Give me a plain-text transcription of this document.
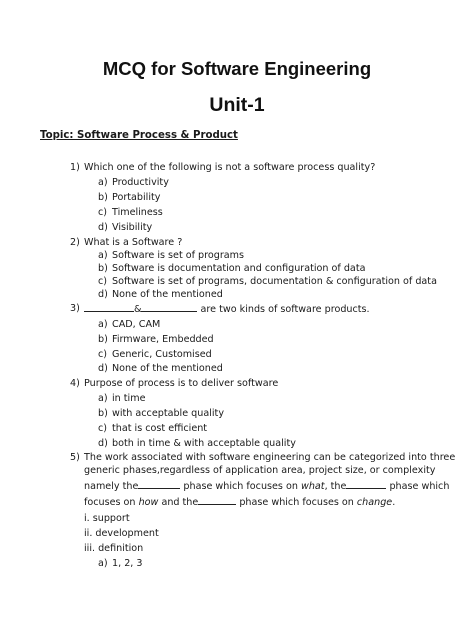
MCQ for Software Engineering
Unit-1
Topic: Software Process & Product
1) Which one of the following is not a software process quality?
a) Productivity
b) Portability
c) Timeliness
d) Visibility
2) What is a Software ?
a) Software is set of programs
b) Software is documentation and configuration of data
c) Software is set of programs, documentation & configuration of data
d) None of the mentioned
3)	&	are two kinds of software products.
a) CAD, CAM
b) Firmware, Embedded
c) Generic, Customised
d) None of the mentioned
4) Purpose of process is to deliver software
a) in time
b) with acceptable quality
c) that is cost efficient
d) both in time & with acceptable quality
5) The work associated with software engineering can be categorized into three
generic phases,regardless of application area, project size, or complexity
namely the	phase which focuses on what, the	phase which
focuses on how and the	phase which focuses on change.
i. support
ii. development
iii. definition
a) 1, 2, 3
